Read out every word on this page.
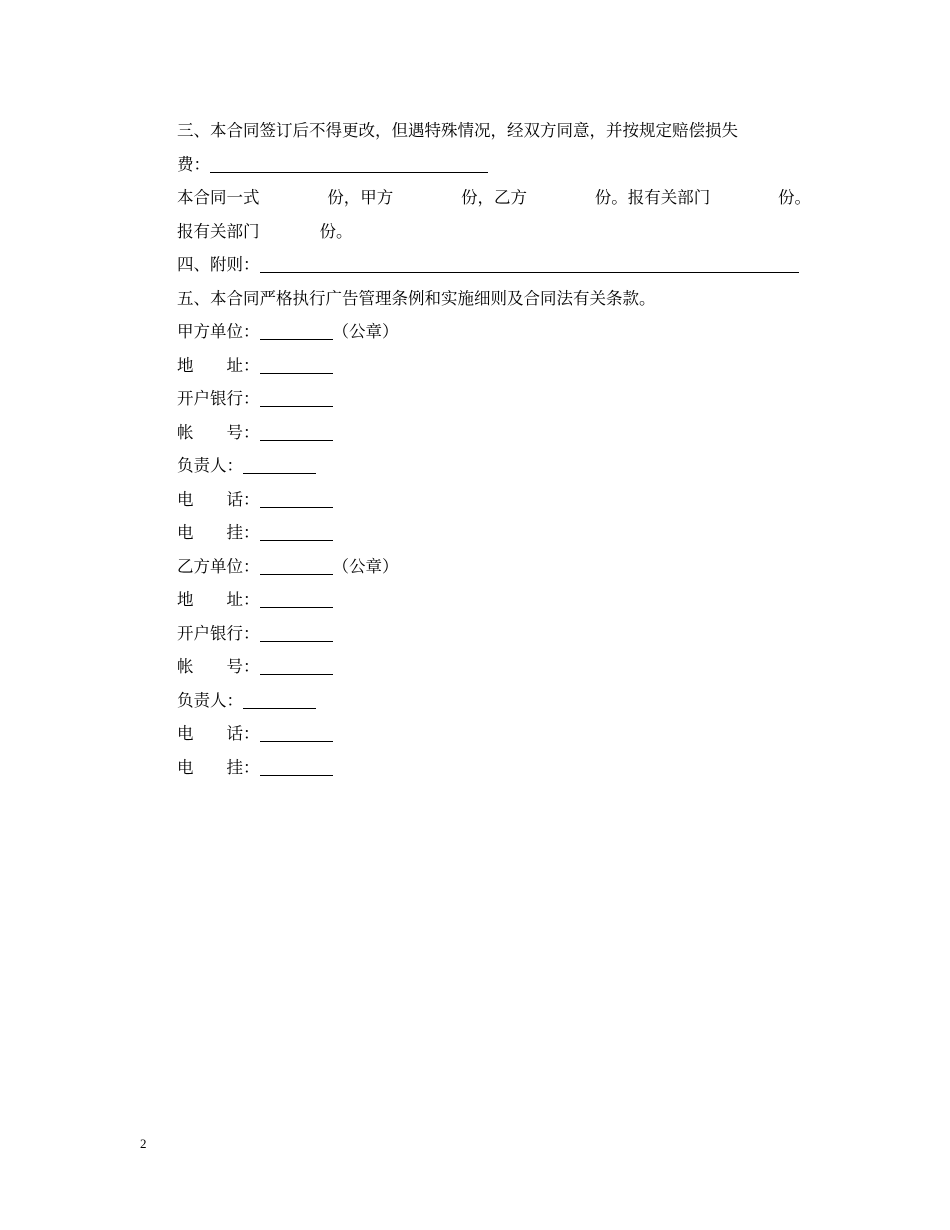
三、本合同签订后不得更改，但遇特殊情况，经双方同意，并按规定赔偿损失
费：
本合同一式	份，甲方	份，乙方	份。报有关部门	份。
报有关部门	份。
四、附则：
五、本合同严格执行广告管理条例和实施细则及合同法有关条款。
甲方单位：	（公章）
地 址：
开户银行：
帐 号：
负责人：
电 话：
电 挂：
乙方单位：	（公章）
地 址：
开户银行：
帐 号：
负责人：
电 话：
电 挂：
2
